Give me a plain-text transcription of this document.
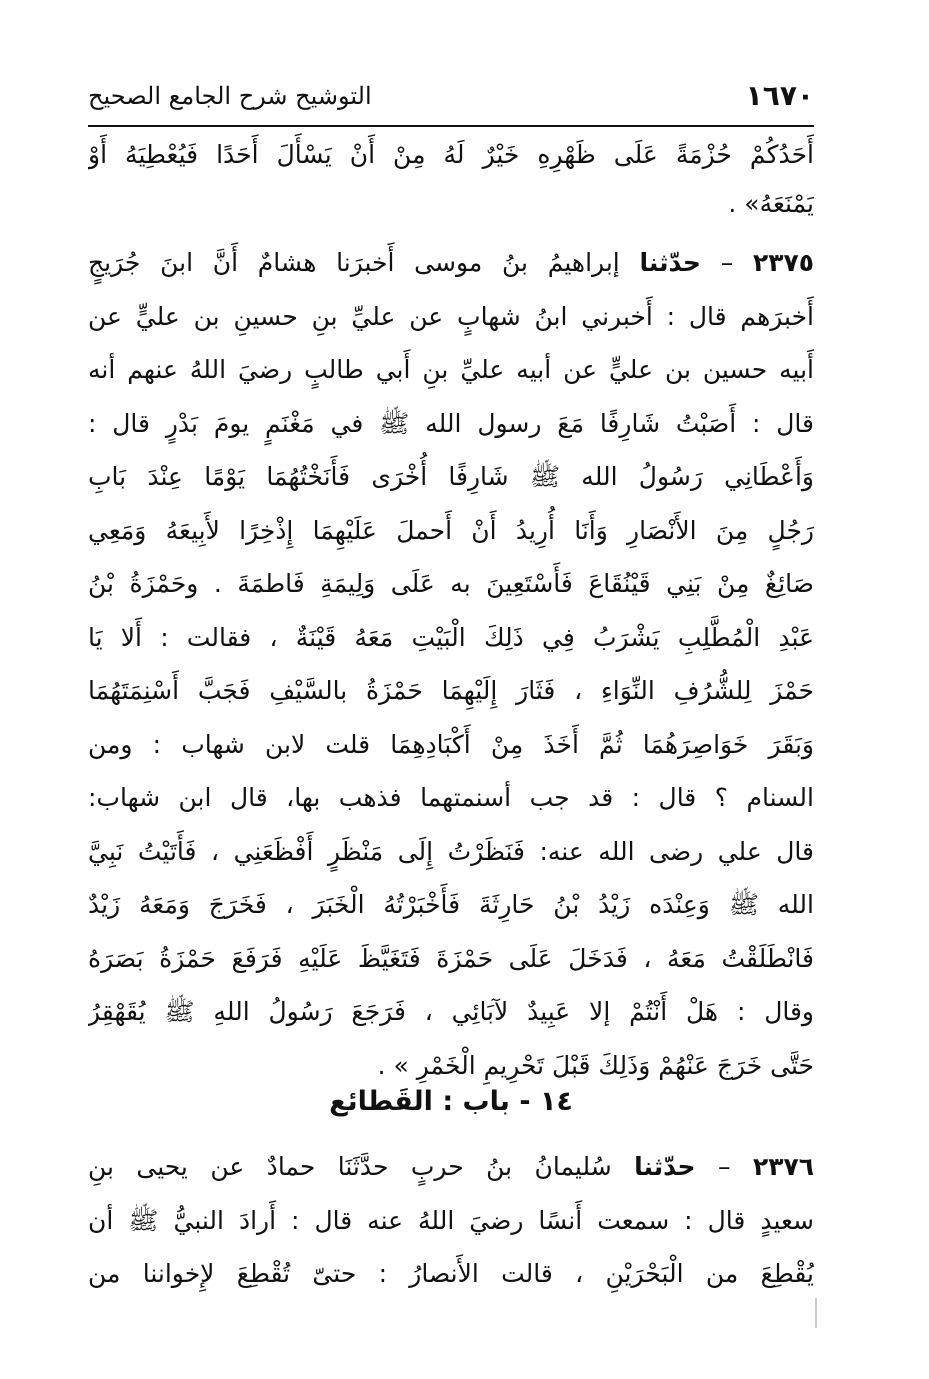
١٦٧٠
التوشيح شرح الجامع الصحيح
أَحَدُكُمْ حُزْمَةً عَلَى ظَهْرِهِ خَيْرٌ لَهُ مِنْ أَنْ يَسْأَلَ أَحَدًا فَيُعْطِيَهُ أَوْ
يَمْنَعَهُ» .
٢٣٧٥ – حدّثنا إبراهيمُ بنُ موسى أَخبرَنا هشامٌ أَنَّ ابنَ جُرَيجٍ
أَخبرَهم قال : أَخبرني ابنُ شهابٍ عن عليِّ بنِ حسينِ بن عليٍّ عن
أَبيه حسين بن عليٍّ عن أبيه عليِّ بنِ أَبي طالبٍ رضيَ اللهُ عنهم أنه
قال : أَصَبْتُ شَارِفًا مَعَ رسول الله ﷺ في مَغْنَمٍ يومَ بَدْرٍ قال :
وَأَعْطَانِي رَسُولُ الله ﷺ شَارِفًا أُخْرَى فَأَنَخْتُهُمَا يَوْمًا عِنْدَ بَابِ
رَجُلٍ مِنَ الأَنْصَارِ وَأَنَا أُرِيدُ أَنْ أَحملَ عَلَيْهِمَا إِذْخِرًا لأَبِيعَهُ وَمَعِي
صَائِغٌ مِنْ بَنِي قَيْنُقَاعَ فَأَسْتَعِينَ به عَلَى وَلِيمَةِ فَاطمَةَ . وحَمْزَةُ بْنُ
عَبْدِ الْمُطَّلِبِ يَشْرَبُ فِي ذَلِكَ الْبَيْتِ مَعَهُ قَيْنَةٌ ، فقالت : أَلا يَا
حَمْزَ لِلشُّرُفِ النِّوَاءِ ، فَثَارَ إِلَيْهِمَا حَمْزَةُ بالسَّيْفِ فَجَبَّ أَسْنِمَتَهُمَا
وَبَقَرَ خَوَاصِرَهُمَا ثُمَّ أَخَذَ مِنْ أَكْبَادِهِمَا قلت لابن شهاب : ومن
السنام ؟ قال : قد جب أسنمتهما فذهب بها، قال ابن شهاب:
قال علي رضى الله عنه: فَنَظَرْتُ إِلَى مَنْظَرٍ أَفْظَعَنِي ، فَأَتَيْتُ نَبِيَّ
الله ﷺ وَعِنْدَه زَيْدُ بْنُ حَارِثَةَ فَأَخْبَرْتُهُ الْخَبَرَ ، فَخَرَجَ وَمَعَهُ زَيْدٌ
فَانْطَلَقْتُ مَعَهُ ، فَدَخَلَ عَلَى حَمْزَةَ فَتَغَيَّظَ عَلَيْهِ فَرَفَعَ حَمْزَةُ بَصَرَهُ
وقال : هَلْ أَنْتُمْ إلا عَبِيدٌ لآبَائِي ، فَرَجَعَ رَسُولُ اللهِ ﷺ يُقَهْقِرُ
حَتَّى خَرَجَ عَنْهُمْ وَذَلِكَ قَبْلَ تَحْرِيمِ الْخَمْرِ » .
١٤ - باب : القَطائع
٢٣٧٦ – حدّثنا سُليمانُ بنُ حربٍ حدَّثَنَا حمادٌ عن يحيى بنِ
سعيدٍ قال : سمعت أَنسًا رضيَ اللهُ عنه قال : أَرادَ النبيُّ ﷺ أن
يُقْطِعَ من الْبَحْرَيْنِ ، قالت الأَنصارُ : حتىّ تُقْطِعَ لإِخواننا من
